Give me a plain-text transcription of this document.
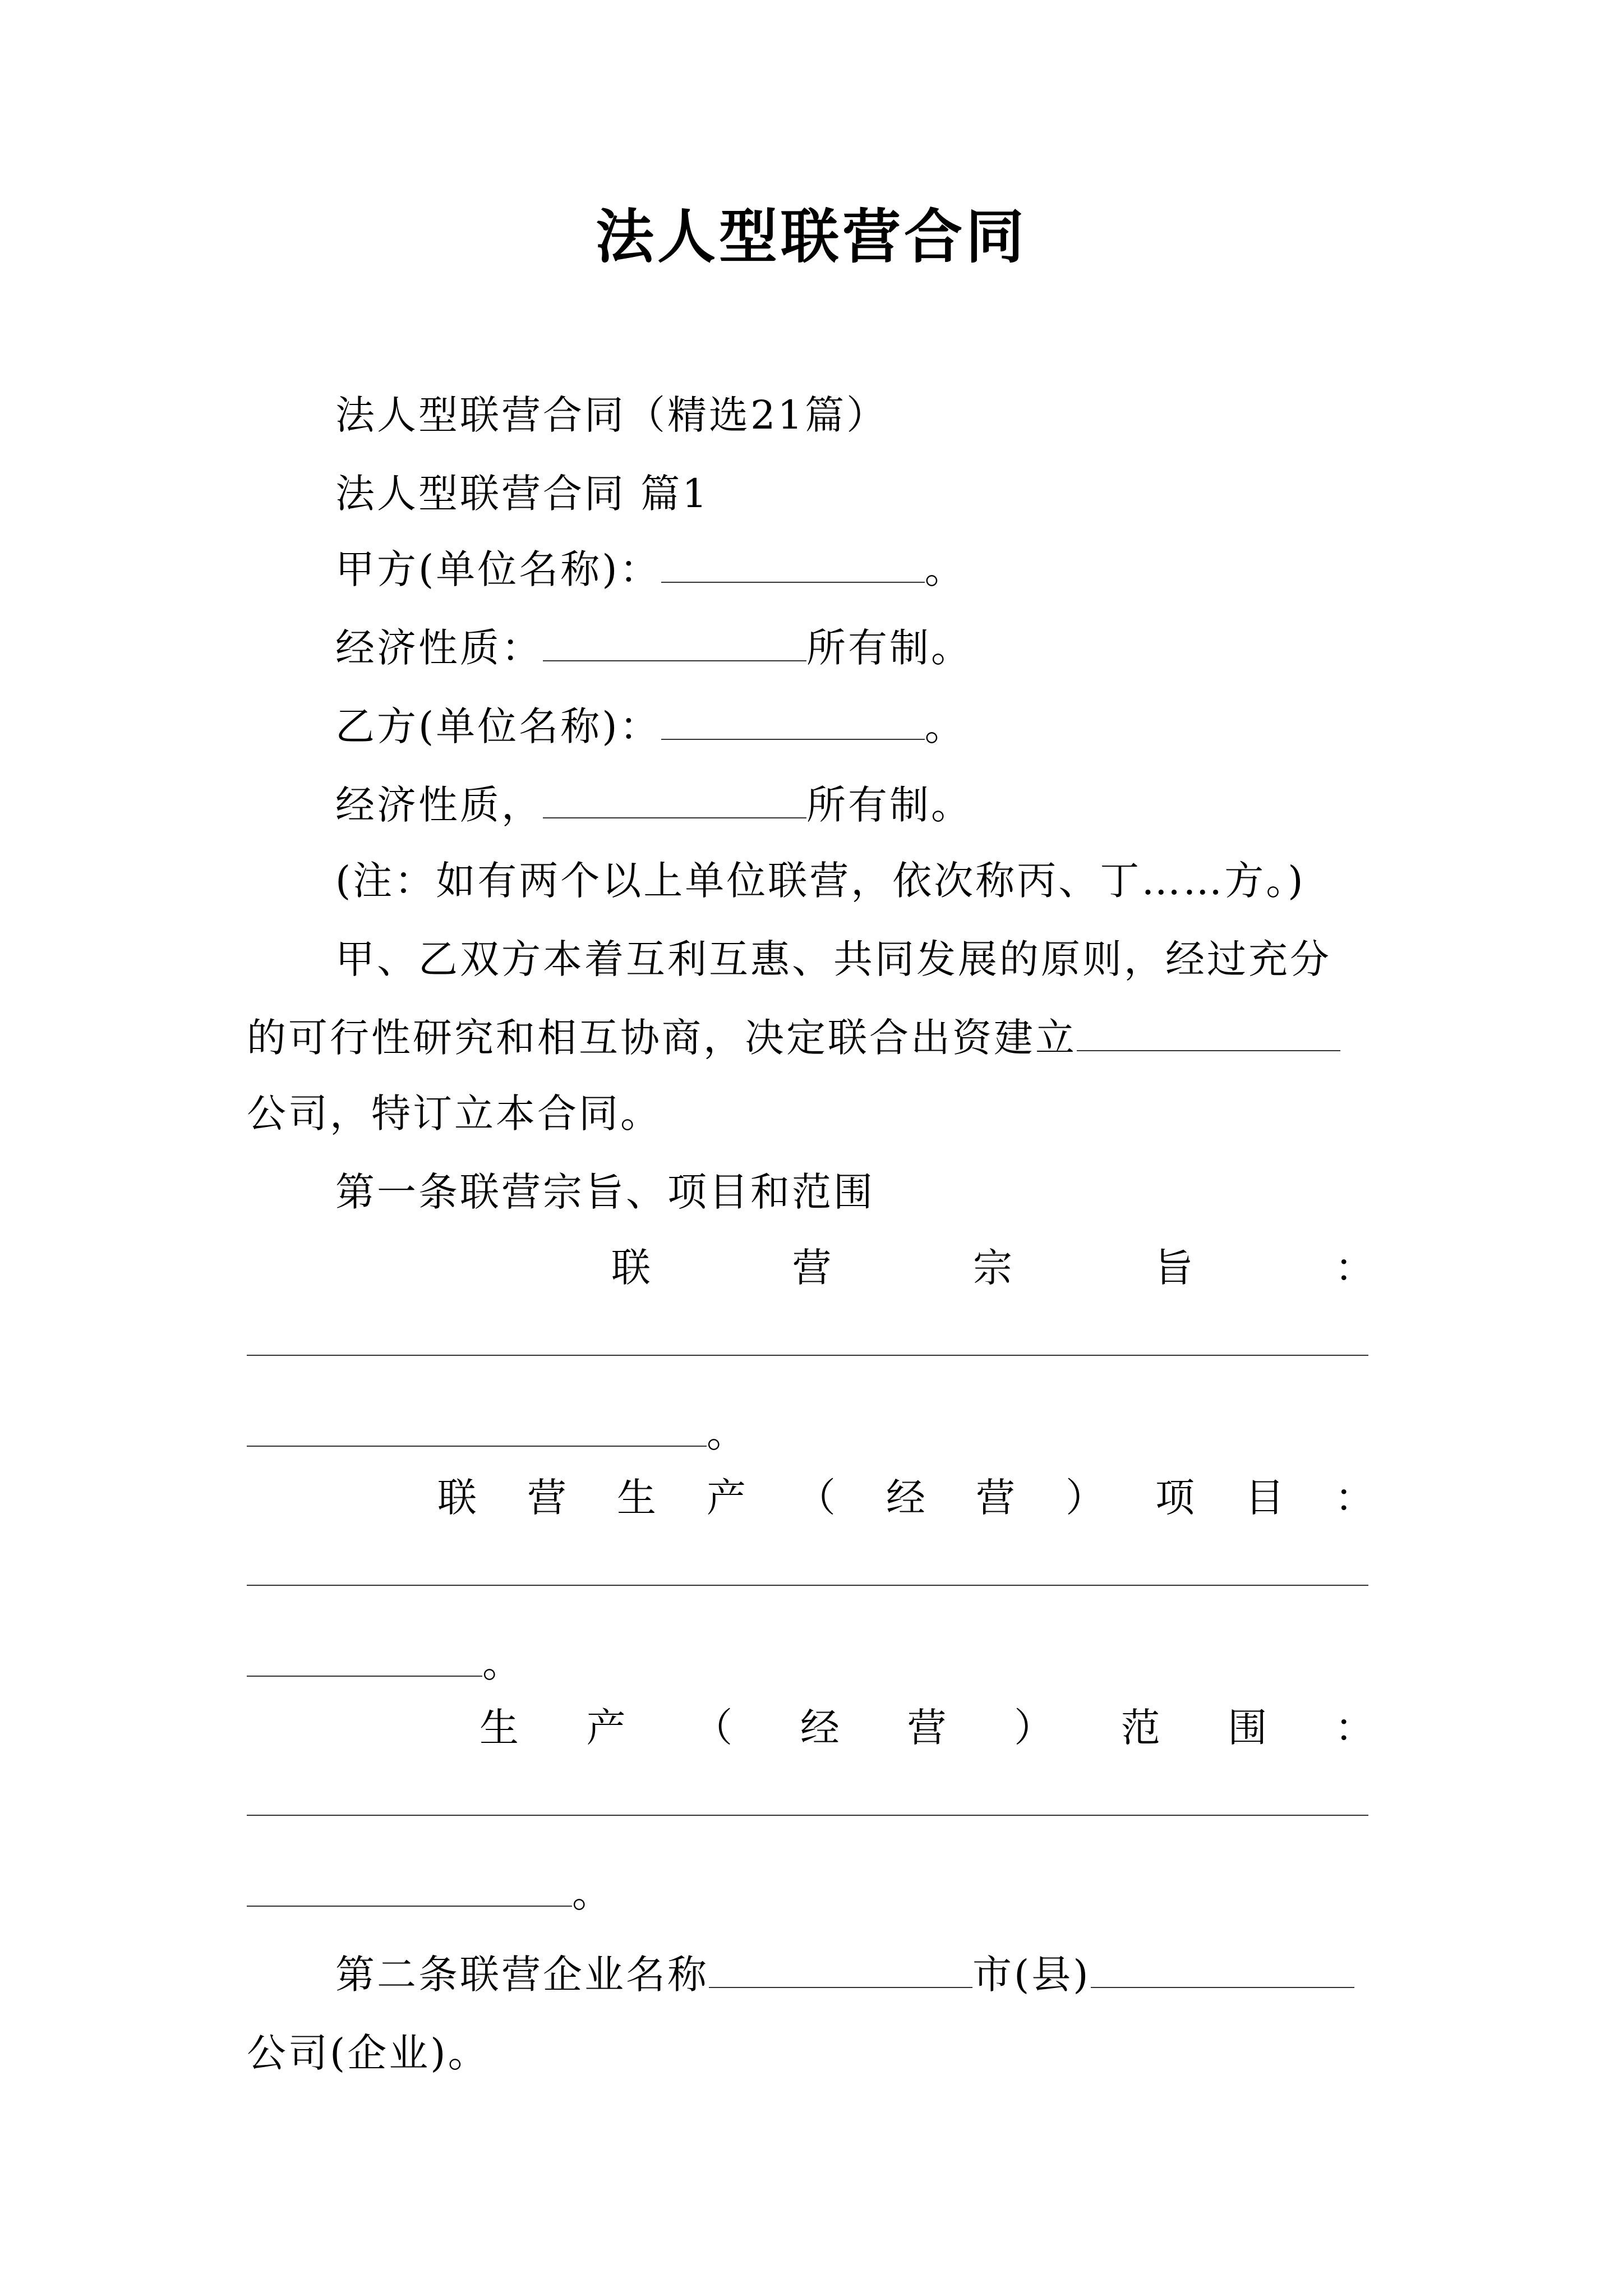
法人型联营合同
法人型联营合同（精选21篇）
法人型联营合同 篇1
甲方(单位名称)：	。
经济性质：	所有制。
乙方(单位名称)：	。
经济性质，	所有制。
(注：如有两个以上单位联营，依次称丙、丁……方。)
甲、乙双方本着互利互惠、共同发展的原则，经过充分
的可行性研究和相互协商，决定联合出资建立
公司，特订立本合同。
第一条联营宗旨、项目和范围
联	营	宗	旨	：
。
联 营 生 产 （ 经 营 ） 项 目 ：
。
生 产 （ 经 营 ） 范 围 ：
。
第二条联营企业名称	市(县)
公司(企业)。
